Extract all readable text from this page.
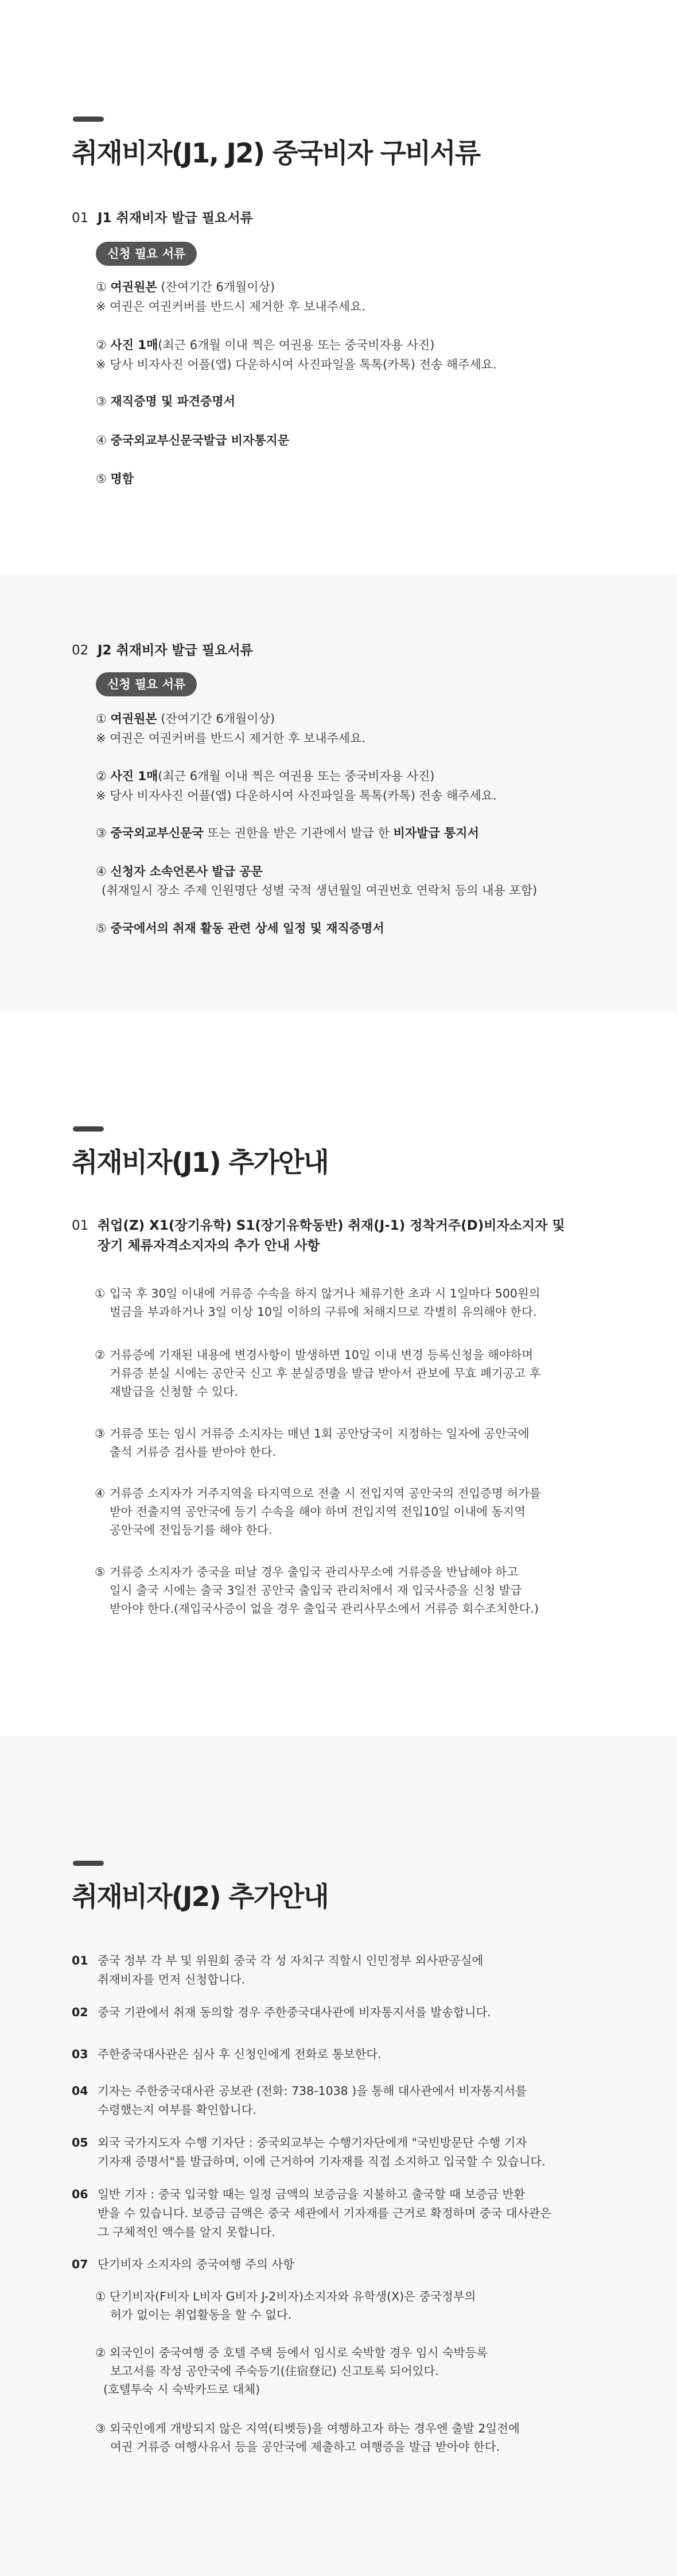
취재비자(J1, J2) 중국비자 구비서류
01 J1 취재비자 발급 필요서류
신청 필요 서류
① 여권원본 (잔여기간 6개월이상)
※ 여권은 여권커버를 반드시 제거한 후 보내주세요.
② 사진 1매(최근 6개월 이내 찍은 여권용 또는 중국비자용 사진)
※ 당사 비자사진 어플(앱) 다운하시여 사진파일을 톡톡(카톡) 전송 해주세요.
③ 재직증명 및 파견증명서
④ 중국외교부신문국발급 비자통지문
⑤ 명함
02 J2 취재비자 발급 필요서류
신청 필요 서류
① 여권원본 (잔여기간 6개월이상)
※ 여권은 여권커버를 반드시 제거한 후 보내주세요.
② 사진 1매(최근 6개월 이내 찍은 여권용 또는 중국비자용 사진)
※ 당사 비자사진 어플(앱) 다운하시여 사진파일을 톡톡(카톡) 전송 해주세요.
③ 중국외교부신문국 또는 권한을 받은 기관에서 발급 한 비자발급 통지서
④ 신청자 소속언론사 발급 공문
(취재일시 장소 주제 인원명단 성별 국적 생년월일 여권번호 연락처 등의 내용 포함)
⑤ 중국에서의 취재 활동 관련 상세 일정 및 재직증명서
취재비자(J1) 추가안내
01 취업(Z) X1(장기유학) S1(장기유학동반) 취재(J-1) 정착거주(D)비자소지자 및
장기 체류자격소지자의 추가 안내 사항
① 입국 후 30일 이내에 거류증 수속을 하지 않거나 체류기한 초과 시 1일마다 500원의
벌금을 부과하거나 3일 이상 10일 이하의 구류에 처해지므로 각별히 유의해야 한다.
② 거류증에 기재된 내용에 변경사항이 발생하면 10일 이내 변경 등록신청을 해야하며
거류증 분실 시에는 공안국 신고 후 분실증명을 발급 받아서 관보에 무효 폐기공고 후
재발급을 신청할 수 있다.
③ 거류증 또는 임시 거류증 소지자는 매년 1회 공안당국이 지정하는 일자에 공안국에
출석 거류증 검사를 받아야 한다.
④ 거류증 소지자가 거주지역을 타지역으로 전출 시 전입지역 공안국의 전입증명 허가를
받아 전출지역 공안국에 등기 수속을 해야 하며 전입지역 전입10일 이내에 동지역
공안국에 전입등기를 해야 한다.
⑤ 거류증 소지자가 중국을 떠날 경우 출입국 관리사무소에 거류증을 반납해야 하고
일시 출국 시에는 출국 3일전 공안국 출입국 관리처에서 재 입국사증을 신청 발급
받아야 한다.(재입국사증이 없을 경우 출입국 관리사무소에서 거류증 회수조치한다.)
취재비자(J2) 추가안내
01 중국 정부 각 부 및 위원회 중국 각 성 자치구 직할시 인민정부 외사판공실에
취재비자를 먼저 신청합니다.
02 중국 기관에서 취재 동의할 경우 주한중국대사관에 비자통지서를 발송합니다.
03 주한중국대사관은 심사 후 신청인에게 전화로 통보한다.
04 기자는 주한중국대사관 공보관 (전화: 738-1038 )을 통해 대사관에서 비자통지서를
수령했는지 여부를 확인합니다.
05 외국 국가지도자 수행 기자단 : 중국외교부는 수행기자단에게 "국빈방문단 수행 기자
기자재 증명서"를 발급하며, 이에 근거하여 기자재를 직접 소지하고 입국할 수 있습니다.
06 일반 기자 : 중국 입국할 때는 일정 금액의 보증금을 지불하고 출국할 때 보증금 반환
받을 수 있습니다. 보증금 금액은 중국 세관에서 기자재를 근거로 확정하며 중국 대사관은
그 구체적인 액수를 알지 못합니다.
07 단기비자 소지자의 중국여행 주의 사항
① 단기비자(F비자 L비자 G비자 J-2비자)소지자와 유학생(X)은 중국정부의
허가 없이는 취업활동을 할 수 없다.
② 외국인이 중국여행 중 호텔 주택 등에서 임시로 숙박할 경우 임시 숙박등록
보고서를 작성 공안국에 주숙등기(住宿登记) 신고토록 되어있다.
(호텔투숙 시 숙박카드로 대체)
③ 외국인에게 개방되지 않은 지역(티벳등)을 여행하고자 하는 경우엔 출발 2일전에
여권 거류증 여행사유서 등을 공안국에 제출하고 여행증을 발급 받아야 한다.
